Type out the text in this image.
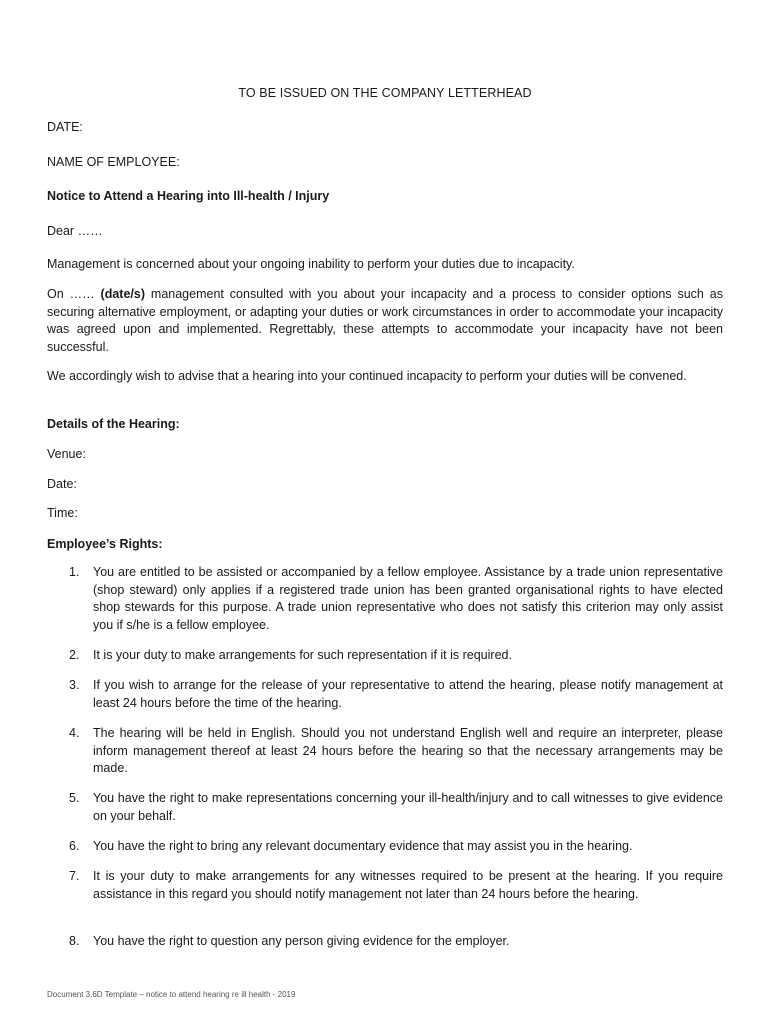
TO BE ISSUED ON THE COMPANY LETTERHEAD
DATE:
NAME OF EMPLOYEE:
Notice to Attend a Hearing into Ill-health / Injury
Dear ……
Management is concerned about your ongoing inability to perform your duties due to incapacity.
On …… (date/s) management consulted with you about your incapacity and a process to consider options such as securing alternative employment, or adapting your duties or work circumstances in order to accommodate your incapacity was agreed upon and implemented. Regrettably, these attempts to accommodate your incapacity have not been successful.
We accordingly wish to advise that a hearing into your continued incapacity to perform your duties will be convened.
Details of the Hearing:
Venue:
Date:
Time:
Employee’s Rights:
1. You are entitled to be assisted or accompanied by a fellow employee. Assistance by a trade union representative (shop steward) only applies if a registered trade union has been granted organisational rights to have elected shop stewards for this purpose. A trade union representative who does not satisfy this criterion may only assist you if s/he is a fellow employee.
2. It is your duty to make arrangements for such representation if it is required.
3. If you wish to arrange for the release of your representative to attend the hearing, please notify management at least 24 hours before the time of the hearing.
4. The hearing will be held in English. Should you not understand English well and require an interpreter, please inform management thereof at least 24 hours before the hearing so that the necessary arrangements may be made.
5. You have the right to make representations concerning your ill-health/injury and to call witnesses to give evidence on your behalf.
6. You have the right to bring any relevant documentary evidence that may assist you in the hearing.
7. It is your duty to make arrangements for any witnesses required to be present at the hearing. If you require assistance in this regard you should notify management not later than 24 hours before the hearing.
8. You have the right to question any person giving evidence for the employer.
Document 3.6D Template – notice to attend hearing re ill health - 2019
